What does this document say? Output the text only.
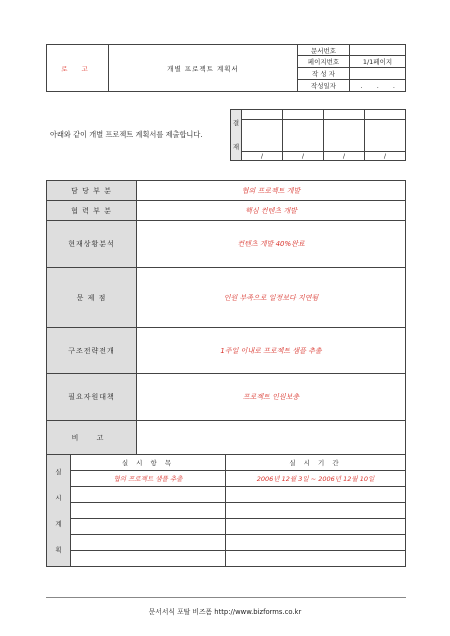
로 고	개별 프로젝트 계획서	문서번호	
		페이지번호	1/1페이지
		작 성 자	
		작성일자	. . .
아래와 같이 개별 프로젝트 계획서를 제출합니다.
결
재				

	/	/	/	/
담 당 부 분	협의 프로젝트 개발
협 력 부 분	핵심 컨텐츠 개발
현재상황분석	컨텐츠 개발 40%완료
문 제 점	인원 부족으로 일정보다 지연됨
구조전략전개	1주일 이내로 프로젝트 샘플 추출
필요자원대책	프로젝트 인원보충
비 고	
실
시
계
획	실 시 항 목	실 시 기 간
	협의 프로젝트 샘플 추출	2006년 12월 3일 ~ 2006년 12월 10일

문서서식 포탈 비즈폼 http://www.bizforms.co.kr
